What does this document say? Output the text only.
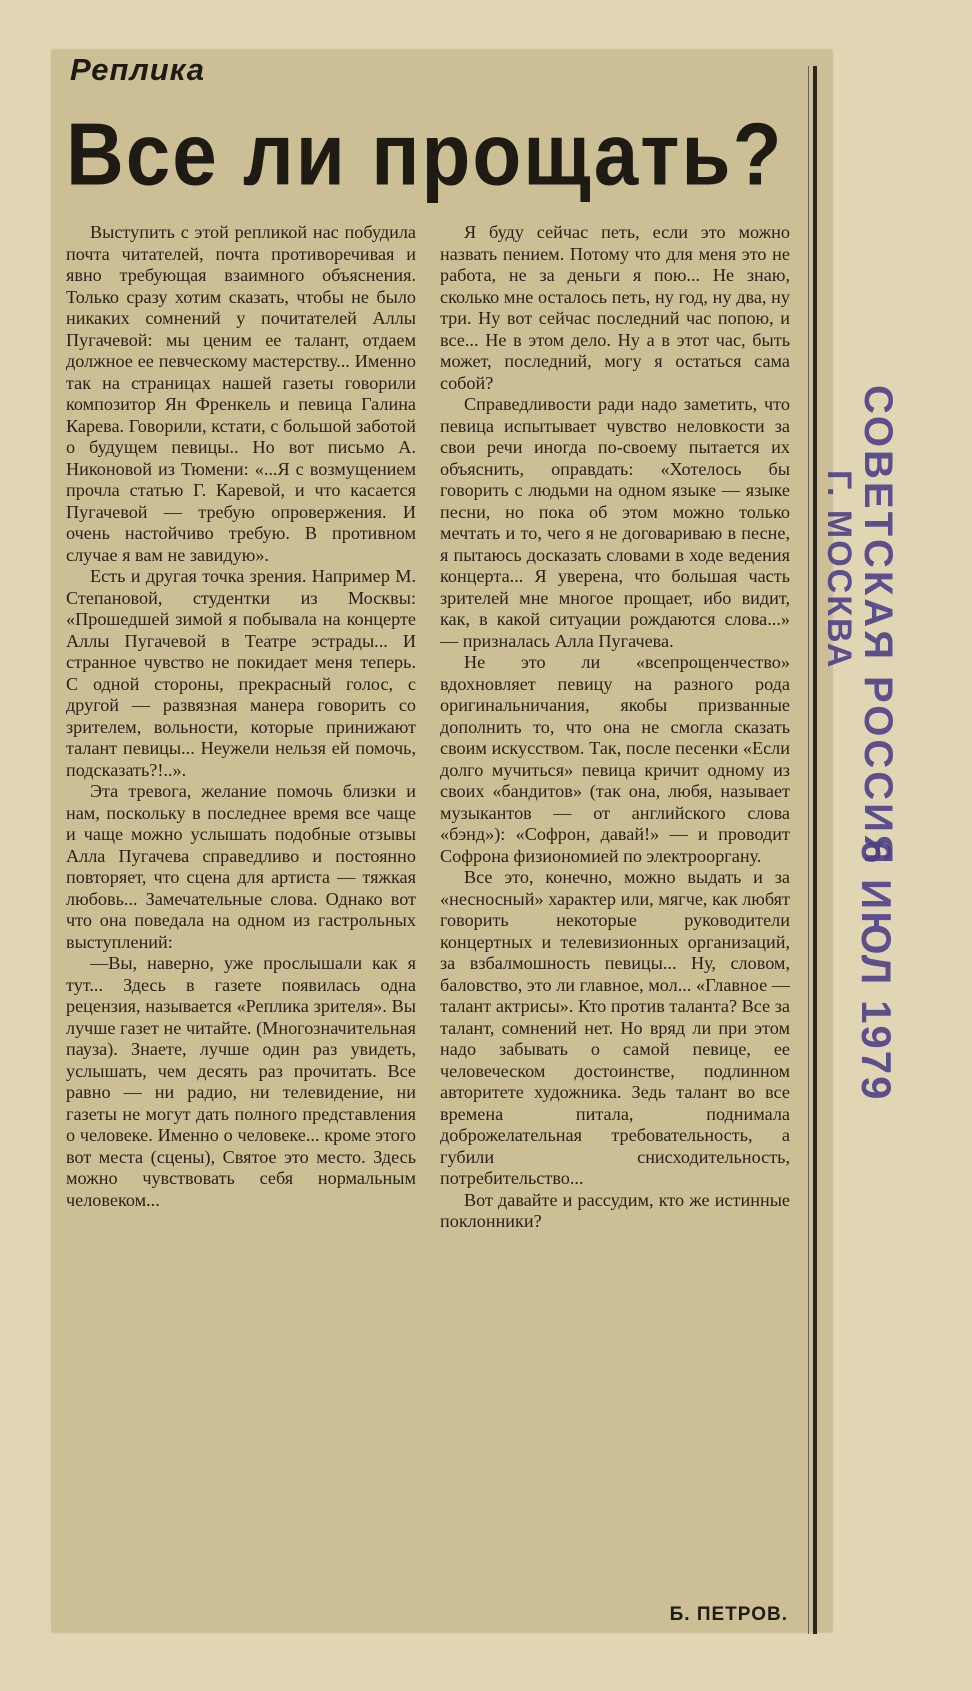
Реплика
Все ли прощать?

Выступить с этой репликой нас побудила почта читателей, почта противоречивая и явно требующая взаимного объяснения. Только сразу хотим сказать, чтобы не было никаких сомнений у почитателей Аллы Пугачевой: мы ценим ее талант, отдаем должное ее певческому мастерству... Именно так на страницах нашей газеты говорили композитор Ян Френкель и певица Галина Карева. Говорили, кстати, с большой заботой о будущем певицы.. Но вот письмо А. Никоновой из Тюмени: «...Я с возмущением прочла статью Г. Каревой, и что касается Пугачевой — требую опровержения. И очень настойчиво требую. В противном случае я вам не завидую».

Есть и другая точка зрения. Например М. Степановой, студентки из Москвы: «Прошедшей зимой я побывала на концерте Аллы Пугачевой в Театре эстрады... И странное чувство не покидает меня теперь. С одной стороны, прекрасный голос, с другой — развязная манера говорить со зрителем, вольности, которые принижают талант певицы... Неужели нельзя ей помочь, подсказать?!..».

Эта тревога, желание помочь близки и нам, поскольку в последнее время все чаще и чаще можно услышать подобные отзывы Алла Пугачева справедливо и постоянно повторяет, что сцена для артиста — тяжкая любовь... Замечательные слова. Однако вот что она поведала на одном из гастрольных выступлений:

—Вы, наверно, уже прослышали как я тут... Здесь в газете появилась одна рецензия, называется «Реплика зрителя». Вы лучше газет не читайте. (Многозначительная пауза). Знаете, лучше один раз увидеть, услышать, чем десять раз прочитать. Все равно — ни радио, ни телевидение, ни газеты не могут дать полного представления о человеке. Именно о человеке... кроме этого вот места (сцены), Святое это место. Здесь можно чувствовать себя нормальным человеком...

Я буду сейчас петь, если это можно назвать пением. Потому что для меня это не работа, не за деньги я пою... Не знаю, сколько мне осталось петь, ну год, ну два, ну три. Ну вот сейчас последний час попою, и все... Не в этом дело. Ну а в этот час, быть может, последний, могу я остаться сама собой?

Справедливости ради надо заметить, что певица испытывает чувство неловкости за свои речи иногда по-своему пытается их объяснить, оправдать: «Хотелось бы говорить с людьми на одном языке — языке песни, но пока об этом можно только мечтать и то, чего я не договариваю в песне, я пытаюсь досказать словами в ходе ведения концерта... Я уверена, что большая часть зрителей мне многое прощает, ибо видит, как, в какой ситуации рождаются слова...» — призналась Алла Пугачева.

Не это ли «всепрощенчество» вдохновляет певицу на разного рода оригинальничания, якобы призванные дополнить то, что она не смогла сказать своим искусством. Так, после песенки «Если долго мучиться» певица кричит одному из своих «бандитов» (так она, любя, называет музыкантов — от английского слова «бэнд»): «Софрон, давай!» — и проводит Софрона физиономией по электрооргану.

Все это, конечно, можно выдать и за «несносный» характер или, мягче, как любят говорить некоторые руководители концертных и телевизионных организаций, за взбалмошность певицы... Ну, словом, баловство, это ли главное, мол... «Главное — талант актрисы». Кто против таланта? Все за талант, сомнений нет. Но вряд ли при этом надо забывать о самой певице, ее человеческом достоинстве, подлинном авторитете художника. Зедь талант во все времена питала, поднимала доброжелательная требовательность, а губили снисходительность, потребительство...

Вот давайте и рассудим, кто же истинные поклонники?

Б. ПЕТРОВ.
СОВЕТСКАЯ РОССИЯ
Г. МОСКВА
6 ИЮЛ 1979
